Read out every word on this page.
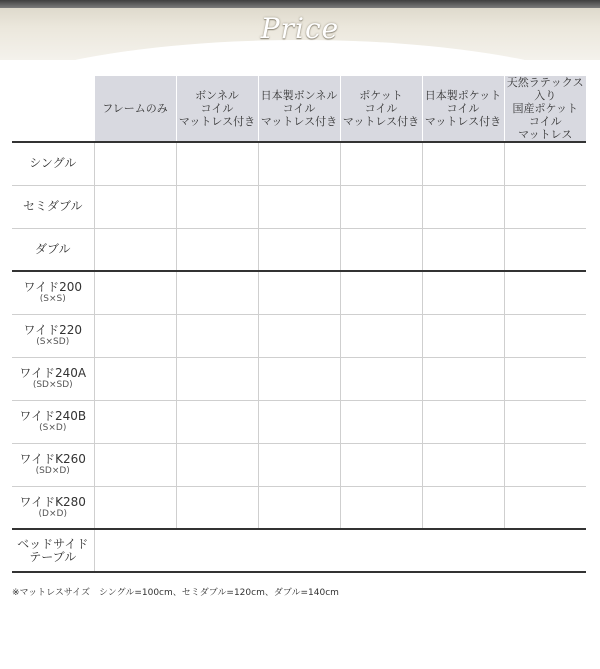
Price

	フレームのみ	ボンネル
コイル
マットレス付き	日本製ボンネル
コイル
マットレス付き	ポケット
コイル
マットレス付き	日本製ポケット
コイル
マットレス付き	天然ラテックス入り
国産ポケット
コイル
マットレス

シングル						

セミダブル						

ダブル						

ワイド200
(S×S)						

ワイド220
(S×SD)						

ワイド240A
(SD×SD)						

ワイド240B
(S×D)						

ワイドK260
(SD×D)						

ワイドK280
(D×D)						

ベッドサイド
テーブル						

※マットレスサイズ　シングル=100cm、セミダブル=120cm、ダブル=140cm
